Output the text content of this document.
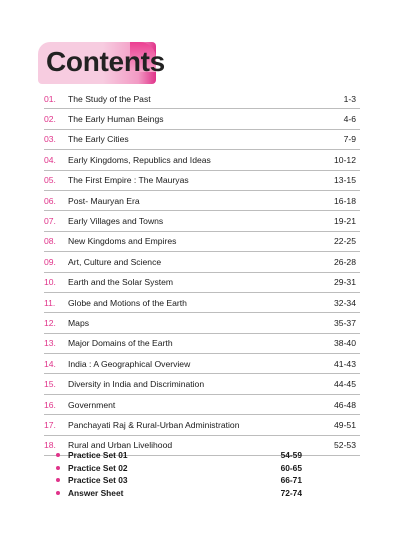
Contents
01.	The Study of the Past	1-3
02.	The Early Human Beings	4-6
03.	The Early Cities	7-9
04.	Early Kingdoms, Republics and Ideas	10-12
05.	The First Empire : The Mauryas	13-15
06.	Post- Mauryan Era	16-18
07.	Early Villages and Towns	19-21
08.	New Kingdoms and Empires	22-25
09.	Art, Culture and Science	26-28
10.	Earth and the Solar System	29-31
11.	Globe and Motions of the Earth	32-34
12.	Maps	35-37
13.	Major Domains of the Earth	38-40
14.	India : A Geographical Overview	41-43
15.	Diversity in India and Discrimination	44-45
16.	Government	46-48
17.	Panchayati Raj & Rural-Urban Administration	49-51
18.	Rural and Urban Livelihood	52-53
Practice Set 01	54-59
Practice Set 02	60-65
Practice Set 03	66-71
Answer Sheet	72-74
